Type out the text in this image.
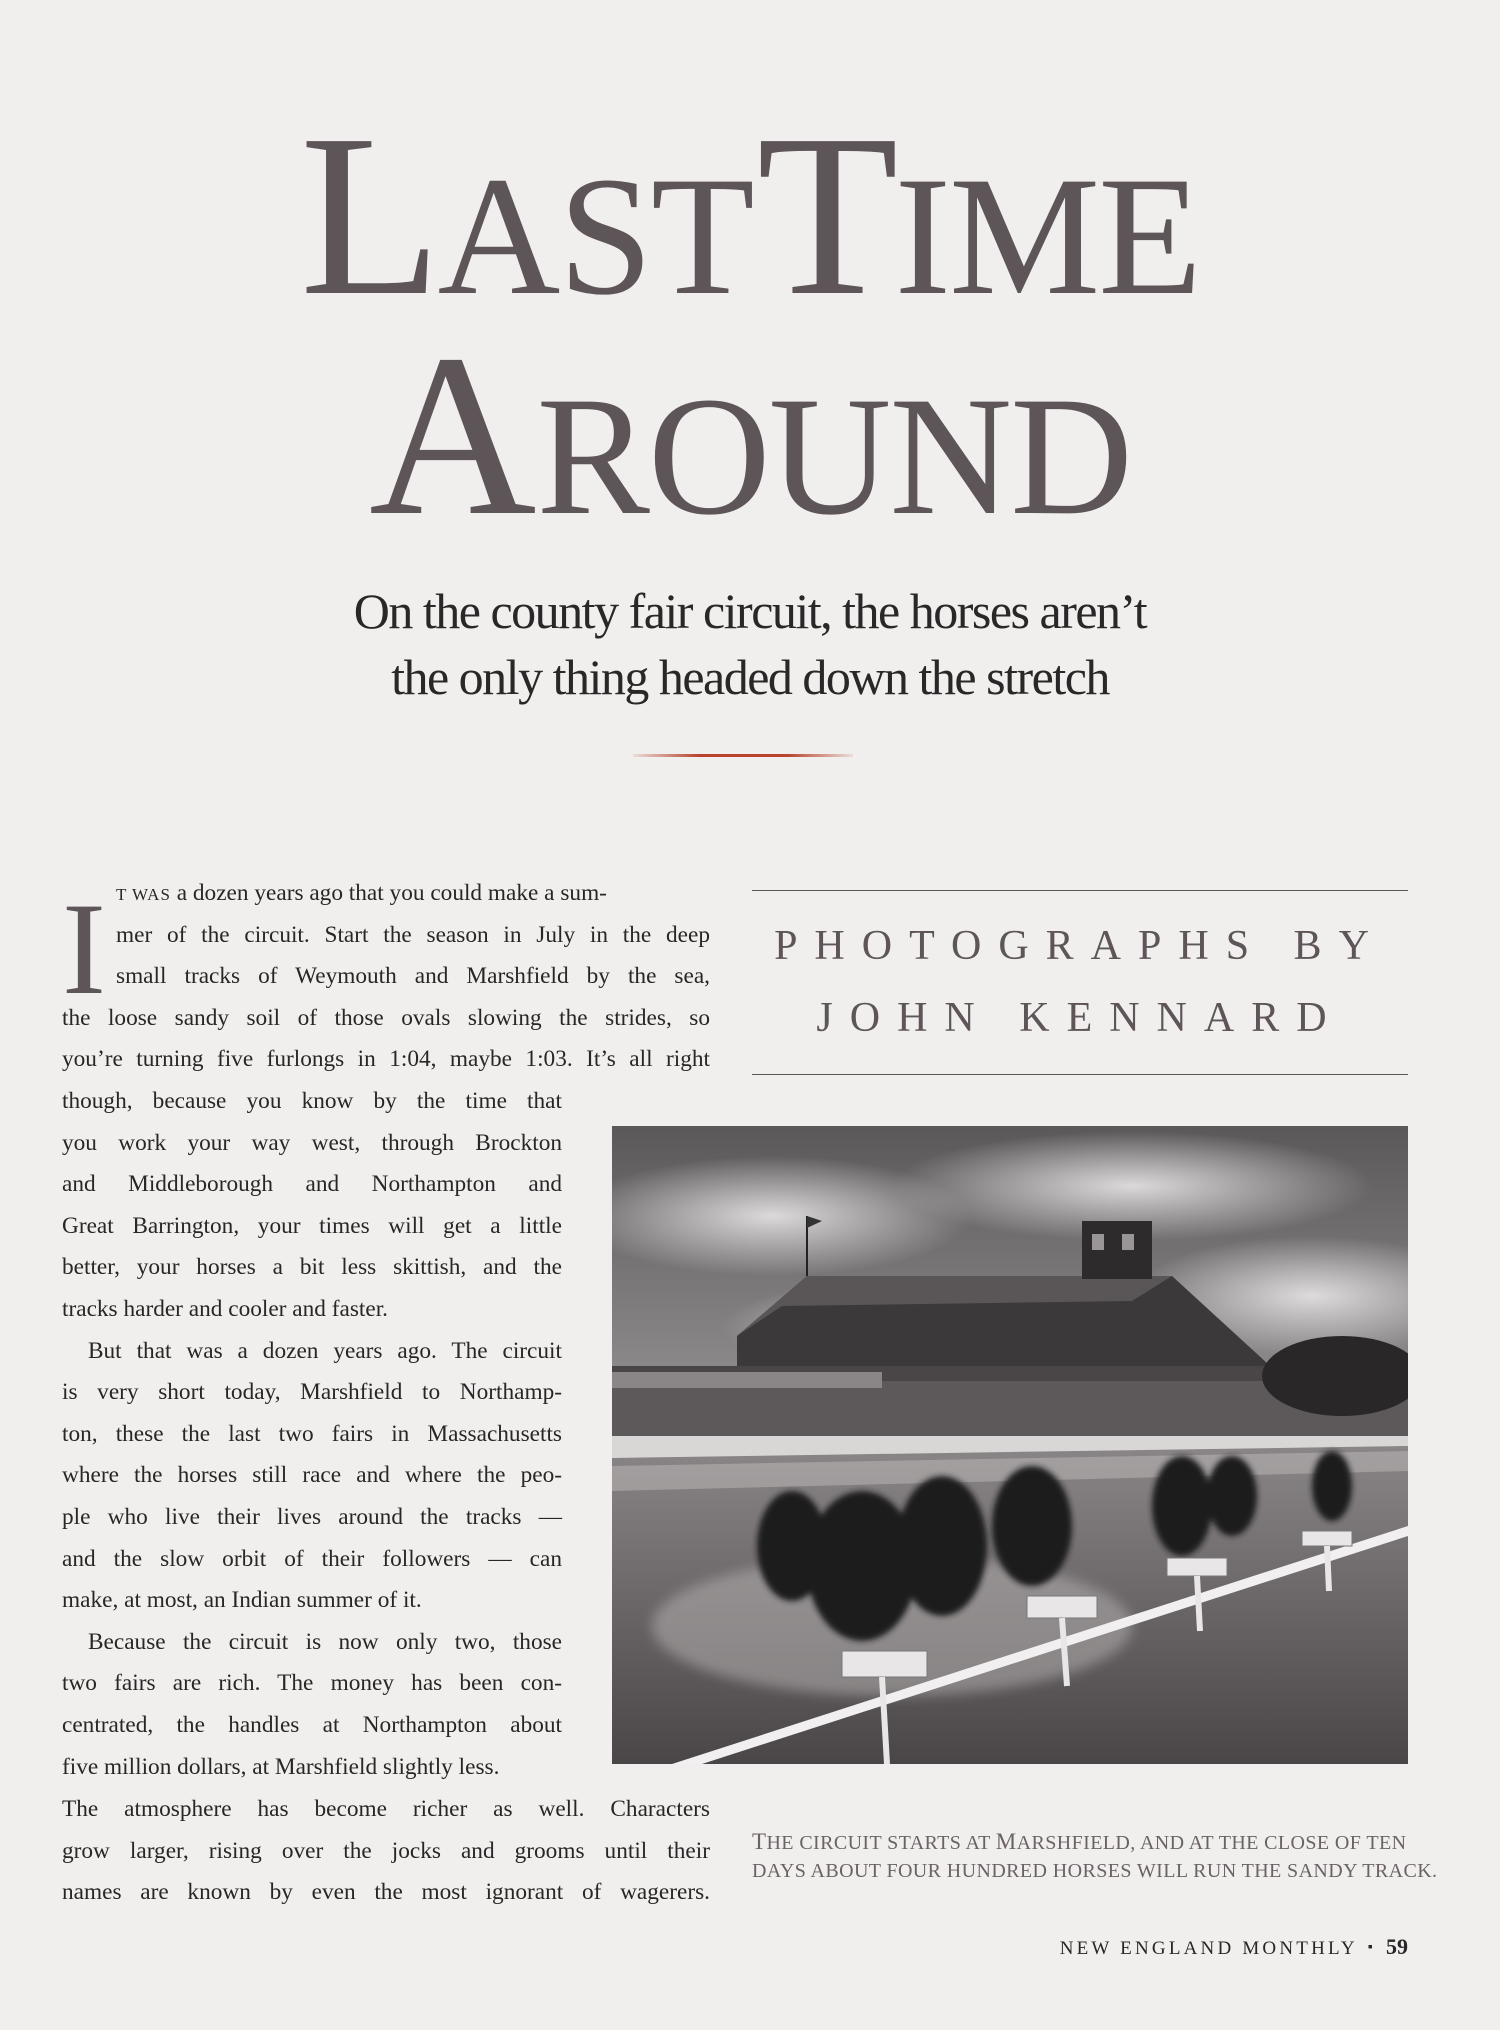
LAST TIME
AROUND
On the county fair circuit, the horses aren’t
the only thing headed down the stretch
PHOTOGRAPHS BY
JOHN KENNARD
I T WAS a dozen years ago that you could make a sum-
mer of the circuit. Start the season in July in the deep
small tracks of Weymouth and Marshfield by the sea,
the loose sandy soil of those ovals slowing the strides, so
you’re turning five furlongs in 1:04, maybe 1:03. It’s all right
though, because you know by the time that
you work your way west, through Brockton
and Middleborough and Northampton and
Great Barrington, your times will get a little
better, your horses a bit less skittish, and the
tracks harder and cooler and faster.
But that was a dozen years ago. The circuit
is very short today, Marshfield to Northamp-
ton, these the last two fairs in Massachusetts
where the horses still race and where the peo-
ple who live their lives around the tracks —
and the slow orbit of their followers — can
make, at most, an Indian summer of it.
Because the circuit is now only two, those
two fairs are rich. The money has been con-
centrated, the handles at Northampton about
five million dollars, at Marshfield slightly less.
The atmosphere has become richer as well. Characters
grow larger, rising over the jocks and grooms until their
names are known by even the most ignorant of wagerers.
THE CIRCUIT STARTS AT MARSHFIELD, AND AT THE CLOSE OF TEN
DAYS ABOUT FOUR HUNDRED HORSES WILL RUN THE SANDY TRACK.
NEW ENGLAND MONTHLY ▪ 59
